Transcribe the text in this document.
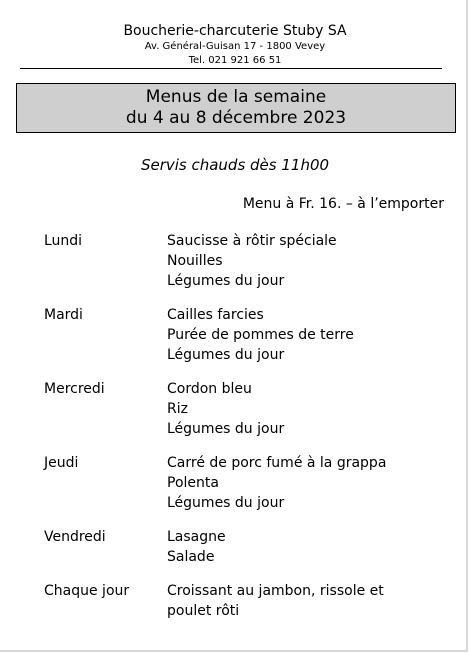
Boucherie-charcuterie Stuby SA
Av. Général-Guisan 17 - 1800 Vevey
Tel. 021 921 66 51
Menus de la semaine
du 4 au 8 décembre 2023
Servis chauds dès 11h00
Menu à Fr. 16. – à l’emporter
Lundi	Saucisse à rôtir spéciale
Nouilles
Légumes du jour
Mardi	Cailles farcies
Purée de pommes de terre
Légumes du jour
Mercredi	Cordon bleu
Riz
Légumes du jour
Jeudi	Carré de porc fumé à la grappa
Polenta
Légumes du jour
Vendredi	Lasagne
Salade
Chaque jour	Croissant au jambon, rissole et
poulet rôti
